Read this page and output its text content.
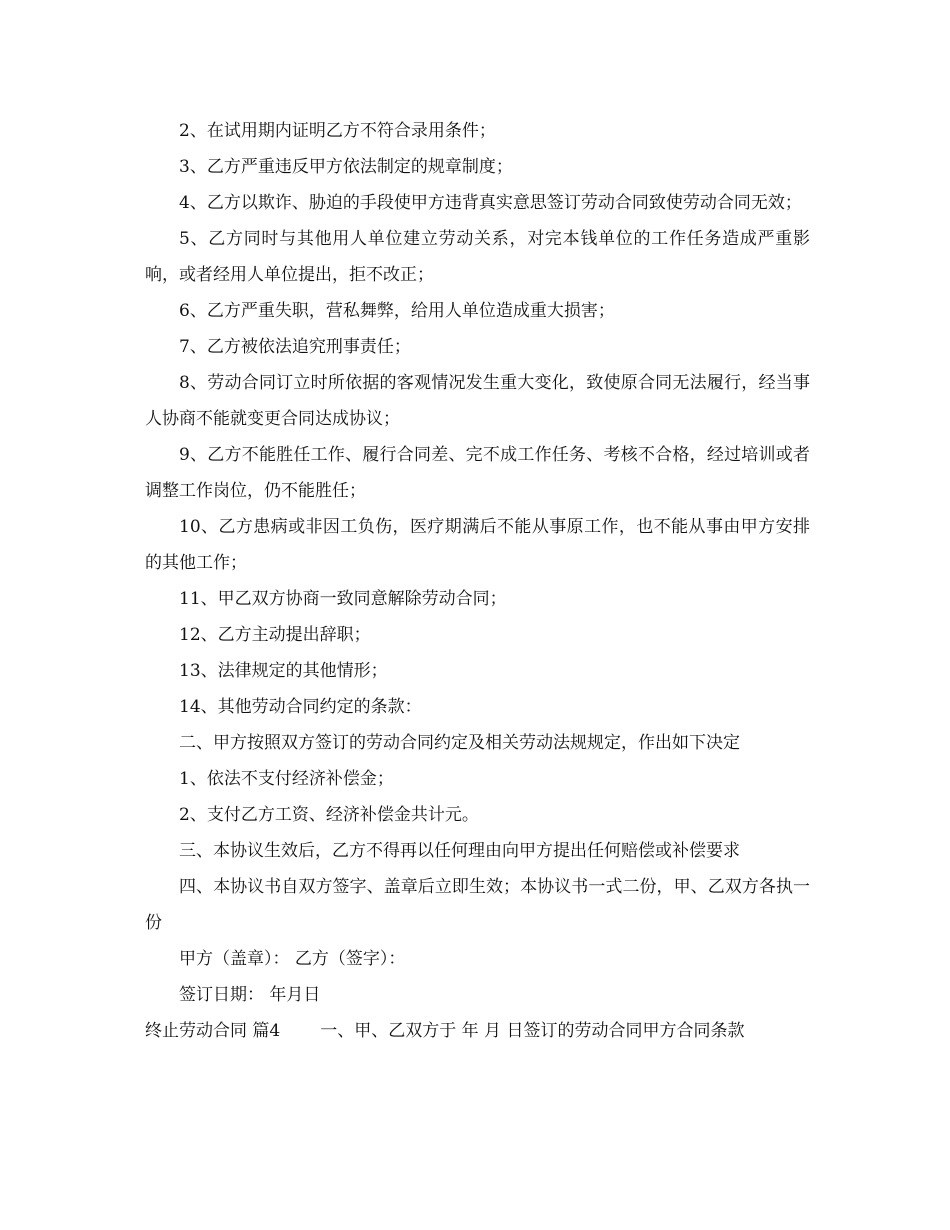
2、在试用期内证明乙方不符合录用条件；

3、乙方严重违反甲方依法制定的规章制度；

4、乙方以欺诈、胁迫的手段使甲方违背真实意思签订劳动合同致使劳动合同无效；

5、乙方同时与其他用人单位建立劳动关系，对完本钱单位的工作任务造成严重影响，或者经用人单位提出，拒不改正；

6、乙方严重失职，营私舞弊，给用人单位造成重大损害；

7、乙方被依法追究刑事责任；

8、劳动合同订立时所依据的客观情况发生重大变化，致使原合同无法履行，经当事人协商不能就变更合同达成协议；

9、乙方不能胜任工作、履行合同差、完不成工作任务、考核不合格，经过培训或者调整工作岗位，仍不能胜任；

10、乙方患病或非因工负伤，医疗期满后不能从事原工作，也不能从事由甲方安排的其他工作；

11、甲乙双方协商一致同意解除劳动合同；

12、乙方主动提出辞职；

13、法律规定的其他情形；

14、其他劳动合同约定的条款：

二、甲方按照双方签订的劳动合同约定及相关劳动法规规定，作出如下决定

1、依法不支付经济补偿金；

2、支付乙方工资、经济补偿金共计元。

三、本协议生效后，乙方不得再以任何理由向甲方提出任何赔偿或补偿要求

四、本协议书自双方签字、盖章后立即生效；本协议书一式二份，甲、乙双方各执一份

甲方（盖章）： 乙方（签字）：

签订日期： 年月日

终止劳动合同 篇4 一、甲、乙双方于 年 月 日签订的劳动合同甲方合同条款
